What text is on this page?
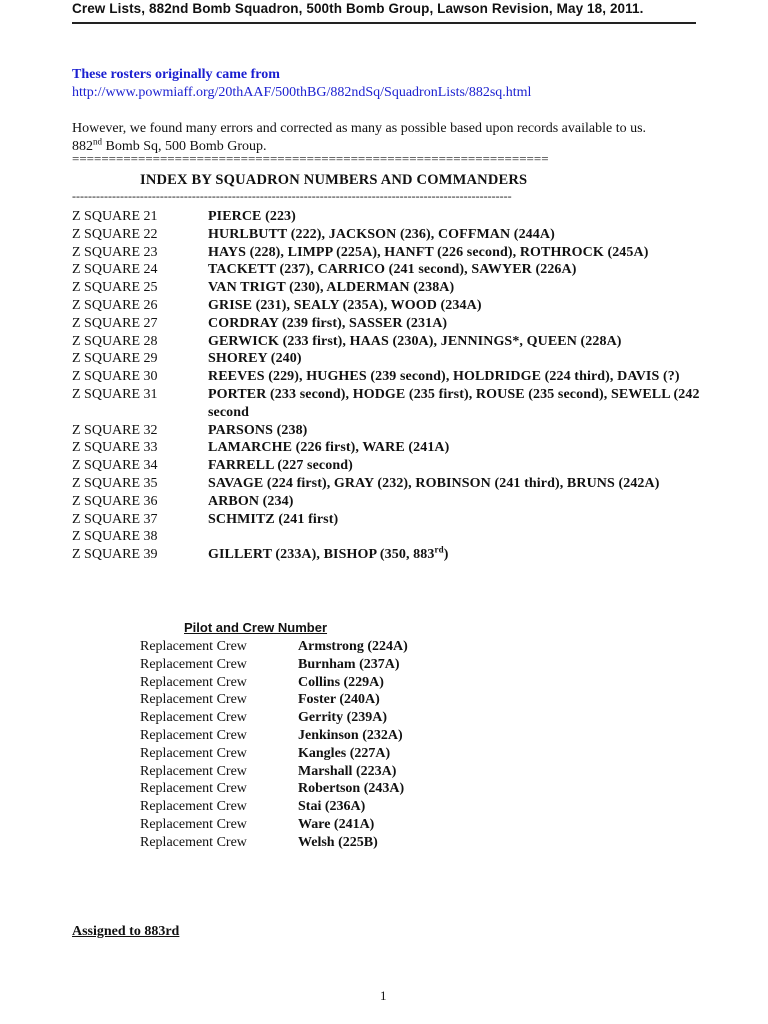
Crew Lists, 882nd Bomb Squadron, 500th Bomb Group, Lawson Revision, May 18, 2011.
These rosters originally came from
http://www.powmiaff.org/20thAAF/500thBG/882ndSq/SquadronLists/882sq.html
However, we found many errors and corrected as many as possible based upon records available to us.
882nd Bomb Sq, 500 Bomb Group.
=================================================================
INDEX BY SQUADRON NUMBERS AND COMMANDERS
--------------------------------------------------------------------------------------------------------------
Z SQUARE 21	PIERCE (223)
Z SQUARE 22	HURLBUTT (222), JACKSON (236), COFFMAN (244A)
Z SQUARE 23	HAYS (228), LIMPP (225A), HANFT (226 second), ROTHROCK (245A)
Z SQUARE 24	TACKETT (237), CARRICO (241 second), SAWYER (226A)
Z SQUARE 25	VAN TRIGT (230), ALDERMAN (238A)
Z SQUARE 26	GRISE (231), SEALY (235A), WOOD (234A)
Z SQUARE 27	CORDRAY (239 first), SASSER (231A)
Z SQUARE 28	GERWICK (233 first), HAAS (230A), JENNINGS*, QUEEN (228A)
Z SQUARE 29	SHOREY (240)
Z SQUARE 30	REEVES (229), HUGHES (239 second), HOLDRIDGE (224 third), DAVIS (?)
Z SQUARE 31	PORTER (233 second), HODGE (235 first), ROUSE (235 second), SEWELL (242 second
Z SQUARE 32	PARSONS (238)
Z SQUARE 33	LAMARCHE (226 first), WARE (241A)
Z SQUARE 34	FARRELL (227 second)
Z SQUARE 35	SAVAGE (224 first), GRAY (232), ROBINSON (241 third), BRUNS (242A)
Z SQUARE 36	ARBON (234)
Z SQUARE 37	SCHMITZ (241 first)
Z SQUARE 38
Z SQUARE 39	GILLERT (233A), BISHOP (350, 883rd)
Pilot and Crew Number
Replacement Crew	Armstrong (224A)
Replacement Crew	Burnham (237A)
Replacement Crew	Collins (229A)
Replacement Crew	Foster (240A)
Replacement Crew	Gerrity (239A)
Replacement Crew	Jenkinson (232A)
Replacement Crew	Kangles (227A)
Replacement Crew	Marshall (223A)
Replacement Crew	Robertson (243A)
Replacement Crew	Stai (236A)
Replacement Crew	Ware (241A)
Replacement Crew	Welsh (225B)
Assigned to 883rd
1
